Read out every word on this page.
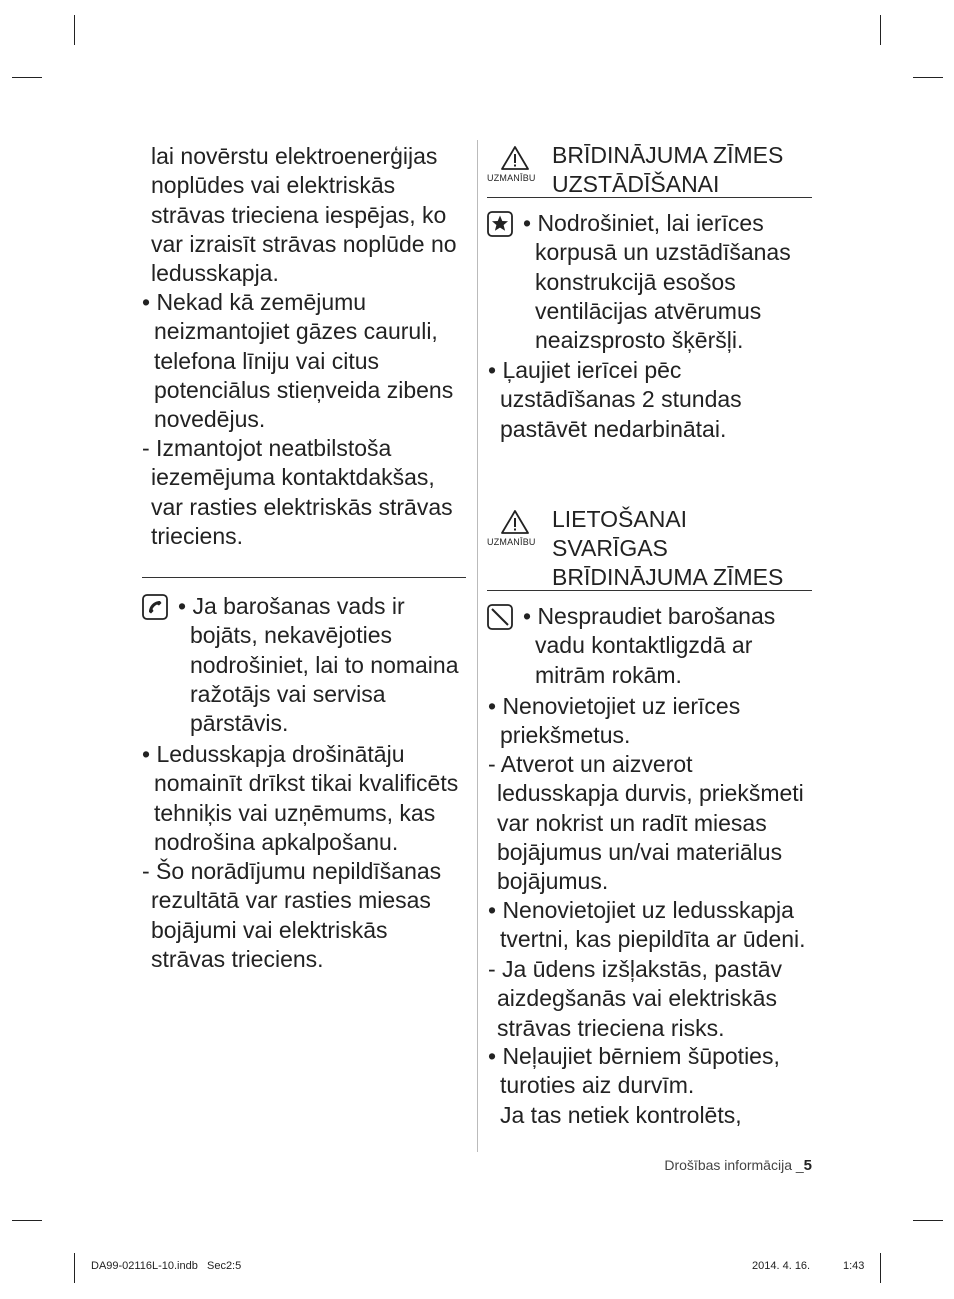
lai novērstu elektroenerģijas
noplūdes vai elektriskās
strāvas trieciena iespējas, ko
var izraisīt strāvas noplūde no
ledusskapja.
• Nekad kā zemējumu
neizmantojiet gāzes cauruli,
telefona līniju vai citus
potenciālus stieņveida zibens
novedējus.
- Izmantojot neatbilstoša
iezemējuma kontaktdakšas,
var rasties elektriskās strāvas
trieciens.
• Ja barošanas vads ir
bojāts, nekavējoties
nodrošiniet, lai to nomaina
ražotājs vai servisa
pārstāvis.
• Ledusskapja drošinātāju
nomainīt drīkst tikai kvalificēts
tehniķis vai uzņēmums, kas
nodrošina apkalpošanu.
- Šo norādījumu nepildīšanas
rezultātā var rasties miesas
bojājumi vai elektriskās
strāvas trieciens.
UZMANĪBU
BRĪDINĀJUMA ZĪMES
UZSTĀDĪŠANAI
• Nodrošiniet, lai ierīces
korpusā un uzstādīšanas
konstrukcijā esošos
ventilācijas atvērumus
neaizsprosto šķēršļi.
• Ļaujiet ierīcei pēc
uzstādīšanas 2 stundas
pastāvēt nedarbinātai.
UZMANĪBU
LIETOŠANAI
SVARĪGAS
BRĪDINĀJUMA ZĪMES
• Nespraudiet barošanas
vadu kontaktligzdā ar
mitrām rokām.
• Nenovietojiet uz ierīces
priekšmetus.
- Atverot un aizverot
ledusskapja durvis, priekšmeti
var nokrist un radīt miesas
bojājumus un/vai materiālus
bojājumus.
• Nenovietojiet uz ledusskapja
tvertni, kas piepildīta ar ūdeni.
- Ja ūdens izšļakstās, pastāv
aizdegšanās vai elektriskās
strāvas trieciena risks.
• Neļaujiet bērniem šūpoties,
turoties aiz durvīm.
Ja tas netiek kontrolēts,
Drošības informācija _5
DA99-02116L-10.indb   Sec2:5	2014. 4. 16.	1:43
